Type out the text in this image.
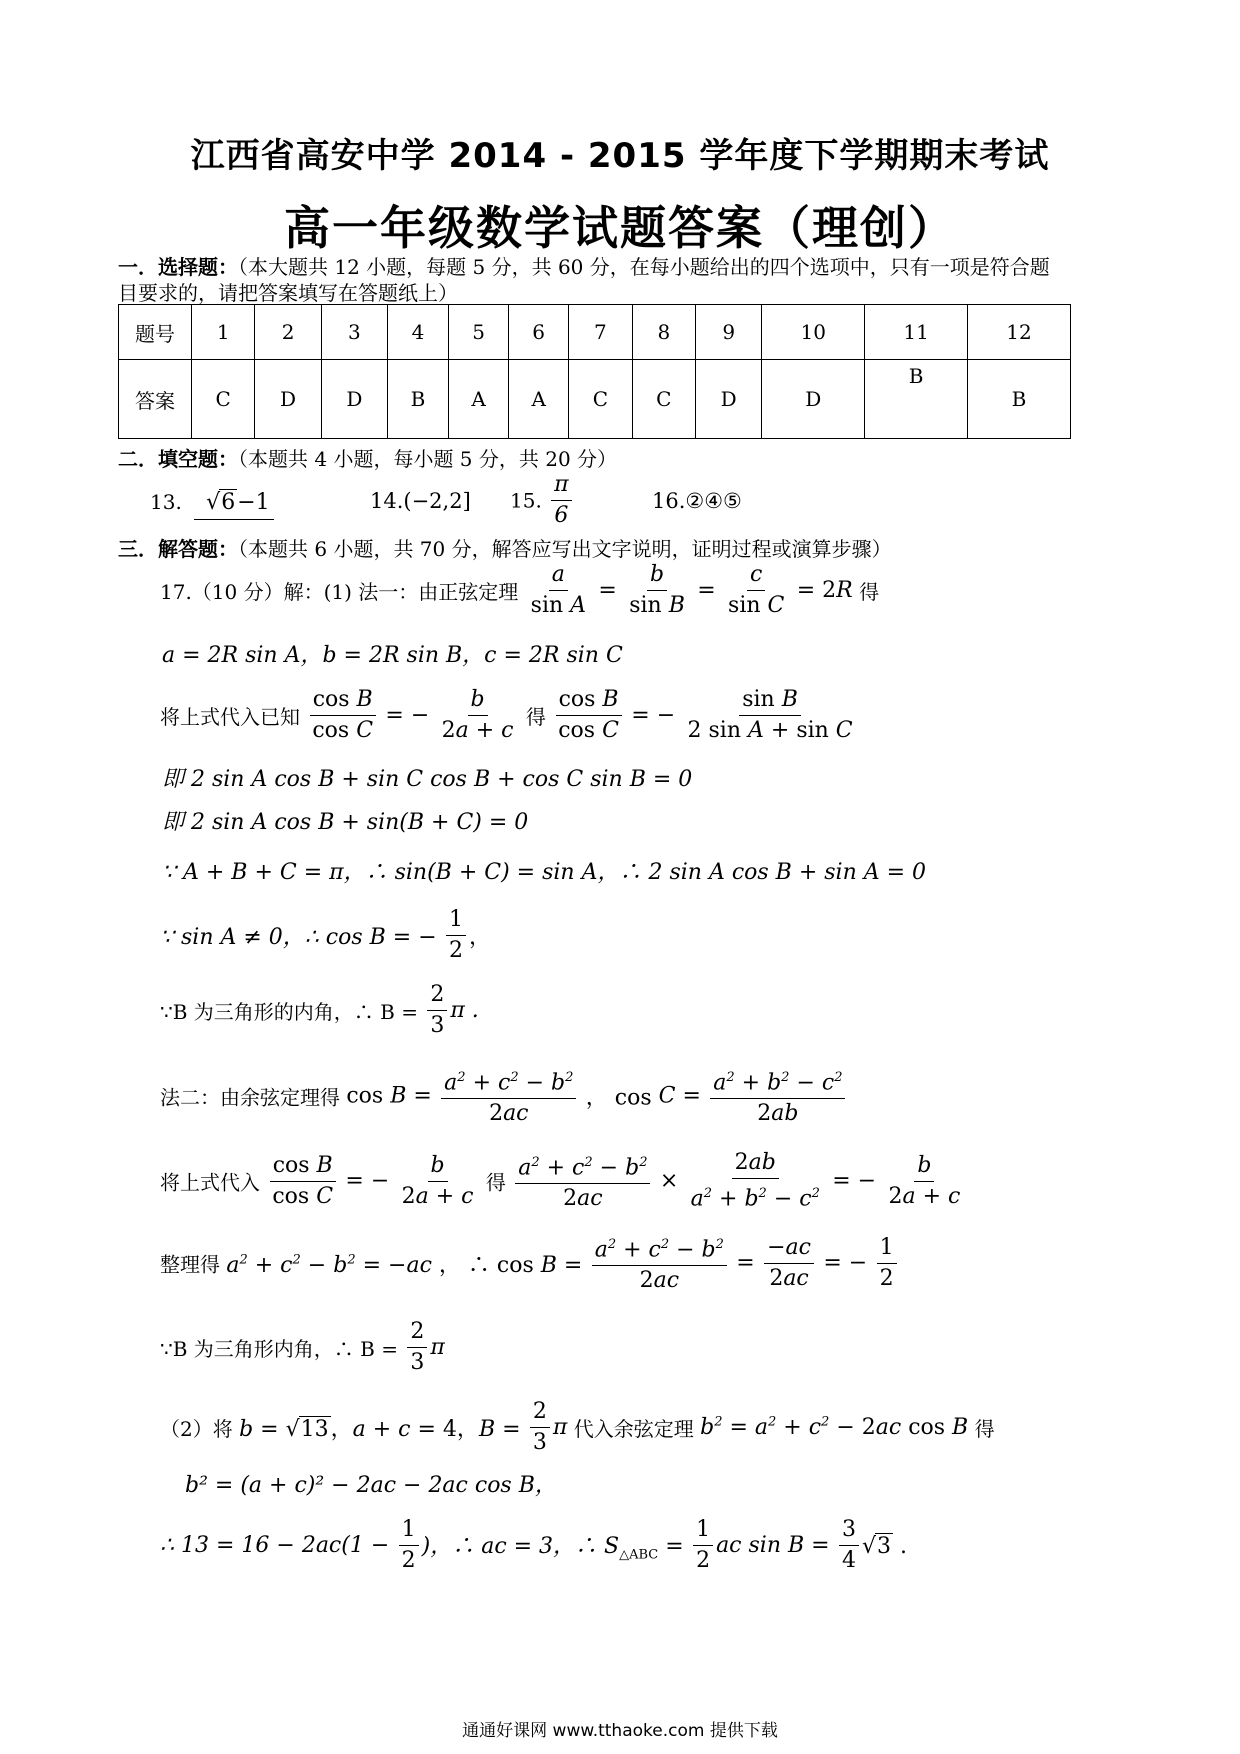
江西省高安中学 2014 - 2015 学年度下学期期末考试
高一年级数学试题答案（理创）
一．选择题：（本大题共 12 小题，每题 5 分，共 60 分，在每小题给出的四个选项中，只有一项是符合题
目要求的，请把答案填写在答题纸上）
题号	1	2	3	4	5	6	7	8	9	10	11	12
答案	C	D	D	B	A	A	C	C	D	D	B	B
二．填空题：（本题共 4 小题，每小题 5 分，共 20 分）
13. √6−1	14.(−2,2] 15. $\frac{\pi}{6}$	16.②④⑤
三．解答题：（本题共 6 小题，共 70 分，解答应写出文字说明，证明过程或演算步骤）
17.（10 分）解：(1) 法一：由正弦定理 $\frac{a}{\text{sin A}} = \frac{b}{\text{sin B}} = \frac{c}{\text{sin C}} = 2R$ 得
a = 2R sin A，b = 2R sin B，c = 2R sin C
将上式代入已知 $\frac{\text{cos B}}{\text{cos C}}$ = − $\frac{b}{2a + c}$ 得 $\frac{\text{cos B}}{\text{cos C}}$ = − $\frac{\text{sin B}}{\text{2 sin A + sin C}}$
即 2 sin A cos B + sin C cos B + cos C sin B = 0
即 2 sin A cos B + sin(B + C) = 0
∵ A + B + C = π，∴ sin(B + C) = sin A，∴ 2 sin A cos B + sin A = 0
∵ sin A ≠ 0，∴ cos B = − $\frac{1}{2}$ ，
∵B 为三角形的内角，∴ $B = \frac{2}{3}$ π .
法二：由余弦定理得 $\cos B = \frac{a^2 + c^2 - b^2}{2ac}$ ， $\cos C = \frac{a^2 + b^2 - c^2}{2ab}$
将上式代入 $\frac{\text{cos B}}{\text{cos C}}$ = − $\frac{b}{2a + c}$ 得 $\frac{a^2 + c^2 - b^2}{2ac} \times \frac{2ab}{a^2 + b^2 - c^2}$ = − $\frac{b}{2a + c}$
整理得 $a^2 + c^2 - b^2 = -ac$ ， ∴ $\cos B = \frac{a^2 + c^2 - b^2}{2ac} = \frac{-ac}{2ac}$ = − $\frac{1}{2}$
∵B 为三角形内角，∴ $B = \frac{2}{3}$ π
（2）将 b = √13，a + c = 4，$B = \frac{2}{3}$ π 代入余弦定理 $b^2 = a^2 + c^2 - 2ac$ cos B 得
b² = (a + c)² − 2ac − 2ac cos B，
∴ $13 = 16 - 2ac(1 - \frac{1}{2}$ )，∴ ac = 3，∴ $S_{\triangle ABC} = \frac{1}{2}$ ac $\sin B = \frac{3}{4} √3$ .
通通好课网 www.tthaoke.com 提供下载
